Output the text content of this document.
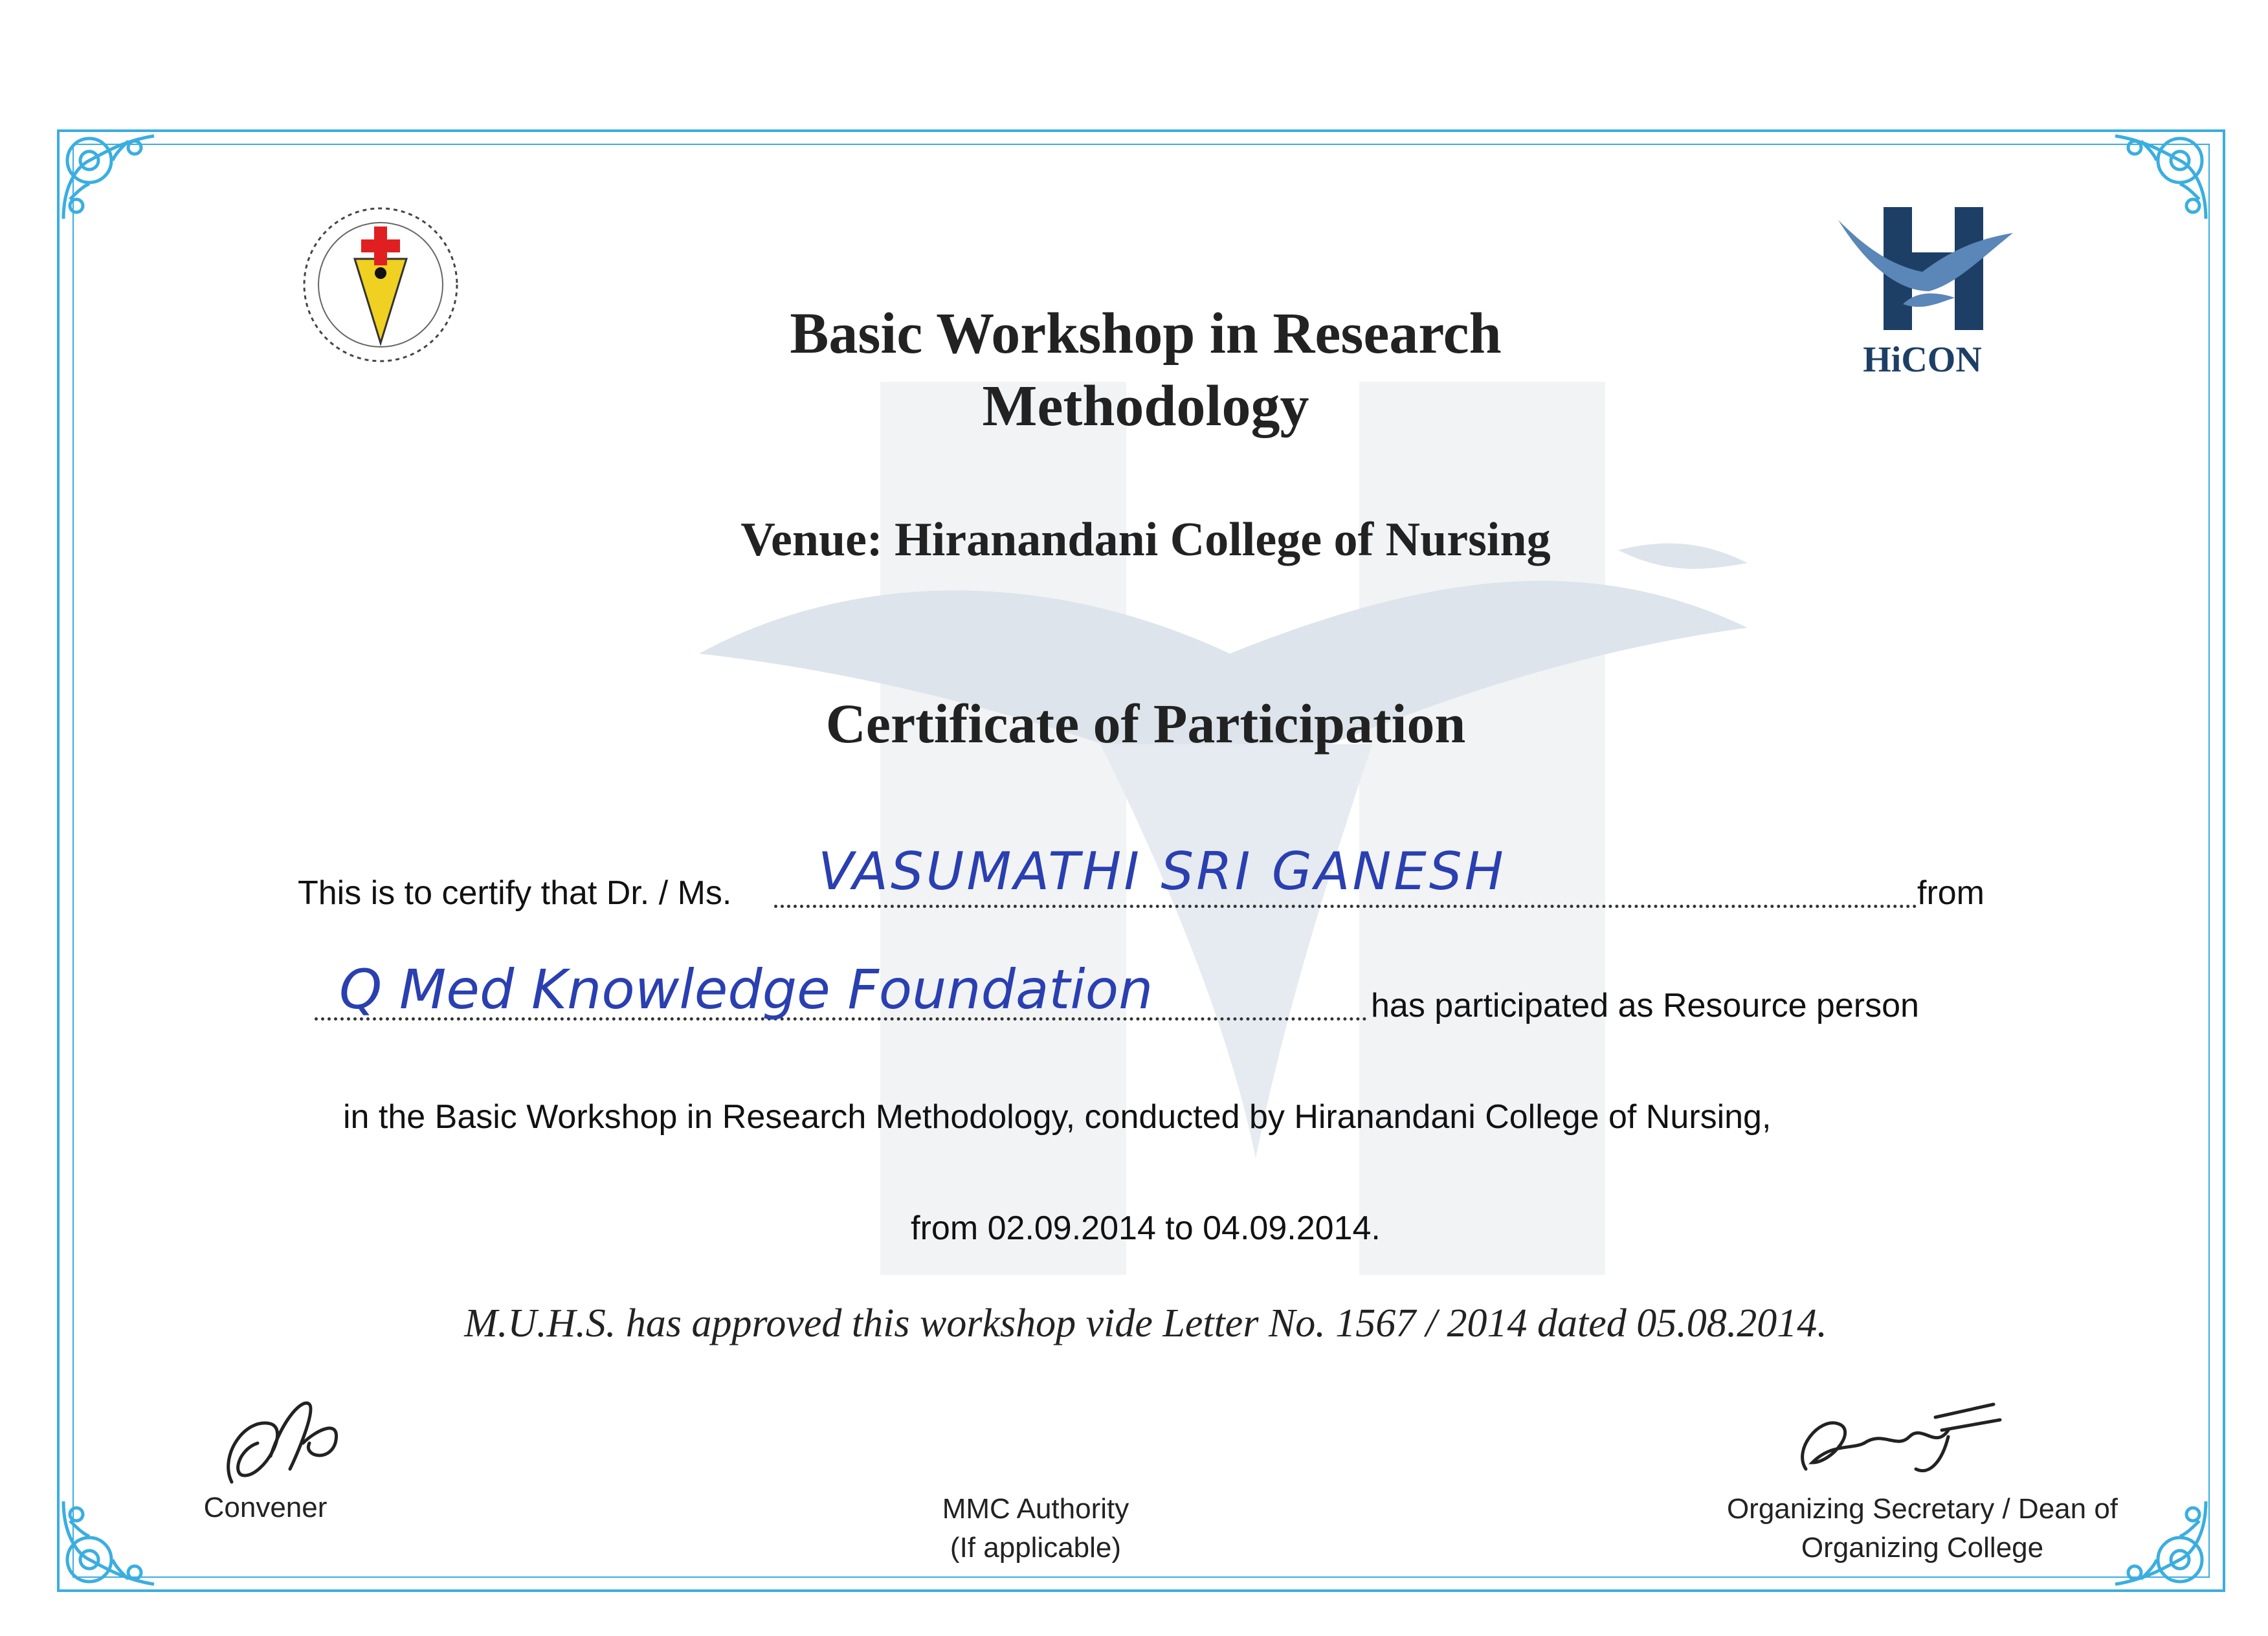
HiCON
Basic Workshop in Research
Methodology
Venue: Hiranandani College of Nursing
Certificate of Participation
This is to certify that Dr. / Ms. VASUMATHI SRI GANESH	from
Q Med Knowledge Foundation	has participated as Resource person
in the Basic Workshop in Research Methodology, conducted by Hiranandani College of Nursing,
from 02.09.2014 to 04.09.2014.
M.U.H.S. has approved this workshop vide Letter No. 1567 / 2014 dated 05.08.2014.
Convener	MMC Authority
(If applicable)
Organizing Secretary / Dean of
Organizing College
